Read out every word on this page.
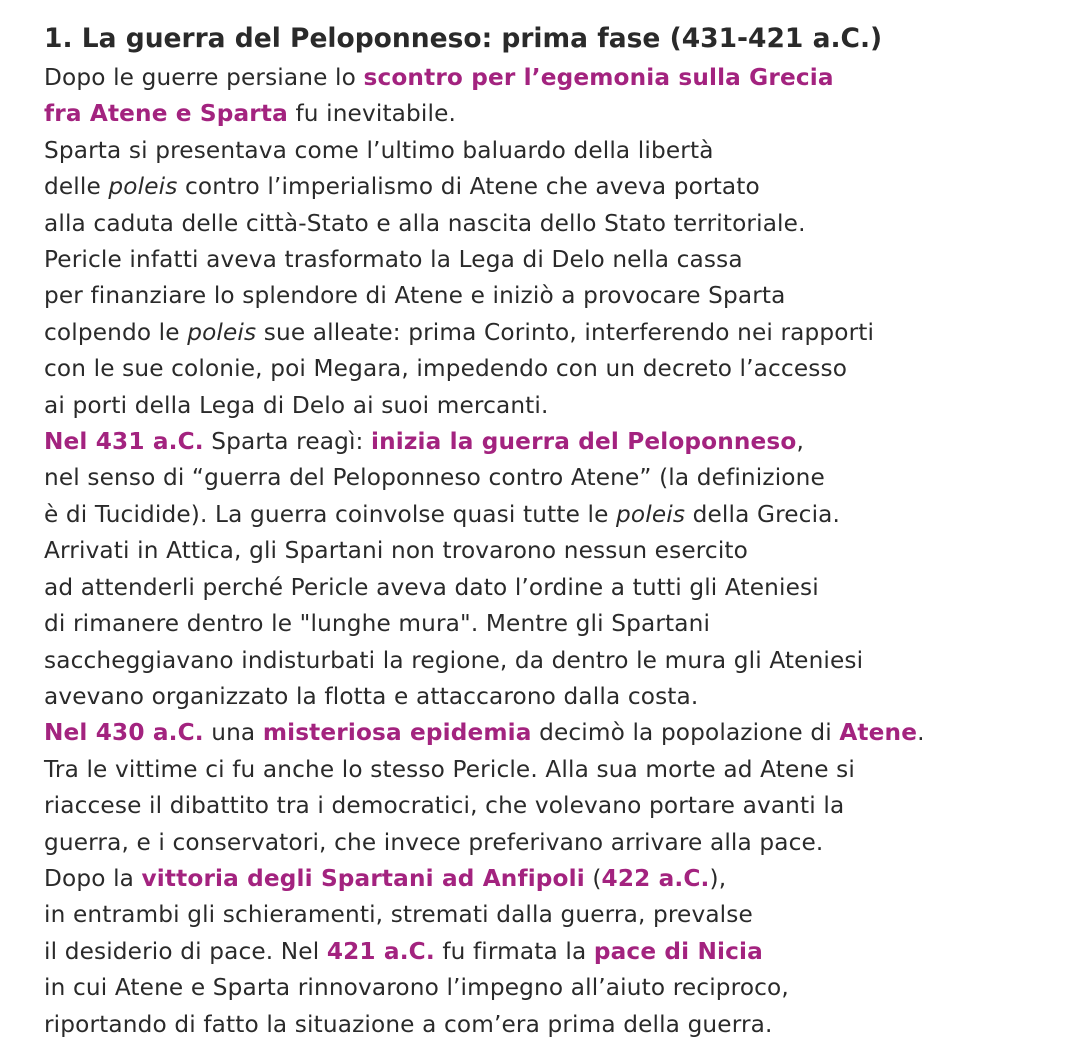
1. La guerra del Peloponneso: prima fase (431-421 a.C.)
Dopo le guerre persiane lo scontro per l’egemonia sulla Grecia
fra Atene e Sparta fu inevitabile.
Sparta si presentava come l’ultimo baluardo della libertà
delle poleis contro l’imperialismo di Atene che aveva portato
alla caduta delle città-Stato e alla nascita dello Stato territoriale.
Pericle infatti aveva trasformato la Lega di Delo nella cassa
per finanziare lo splendore di Atene e iniziò a provocare Sparta
colpendo le poleis sue alleate: prima Corinto, interferendo nei rapporti
con le sue colonie, poi Megara, impedendo con un decreto l’accesso
ai porti della Lega di Delo ai suoi mercanti.
Nel 431 a.C. Sparta reagì: inizia la guerra del Peloponneso,
nel senso di “guerra del Peloponneso contro Atene” (la definizione
è di Tucidide). La guerra coinvolse quasi tutte le poleis della Grecia.
Arrivati in Attica, gli Spartani non trovarono nessun esercito
ad attenderli perché Pericle aveva dato l’ordine a tutti gli Ateniesi
di rimanere dentro le "lunghe mura". Mentre gli Spartani
saccheggiavano indisturbati la regione, da dentro le mura gli Ateniesi
avevano organizzato la flotta e attaccarono dalla costa.
Nel 430 a.C. una misteriosa epidemia decimò la popolazione di Atene.
Tra le vittime ci fu anche lo stesso Pericle. Alla sua morte ad Atene si
riaccese il dibattito tra i democratici, che volevano portare avanti la
guerra, e i conservatori, che invece preferivano arrivare alla pace.
Dopo la vittoria degli Spartani ad Anfipoli (422 a.C.),
in entrambi gli schieramenti, stremati dalla guerra, prevalse
il desiderio di pace. Nel 421 a.C. fu firmata la pace di Nicia
in cui Atene e Sparta rinnovarono l’impegno all’aiuto reciproco,
riportando di fatto la situazione a com’era prima della guerra.
